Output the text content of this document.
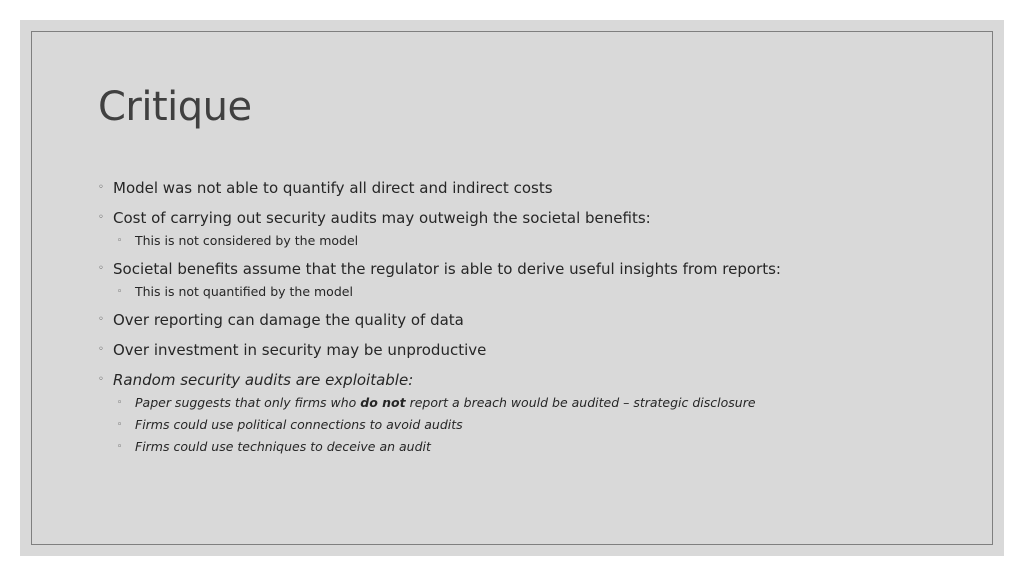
Critique
◦ Model was not able to quantify all direct and indirect costs
◦ Cost of carrying out security audits may outweigh the societal benefits:
◦ This is not considered by the model
◦ Societal benefits assume that the regulator is able to derive useful insights from reports:
◦ This is not quantified by the model
◦ Over reporting can damage the quality of data
◦ Over investment in security may be unproductive
◦ Random security audits are exploitable:
◦ Paper suggests that only firms who do not report a breach would be audited – strategic disclosure
◦ Firms could use political connections to avoid audits
◦ Firms could use techniques to deceive an audit
